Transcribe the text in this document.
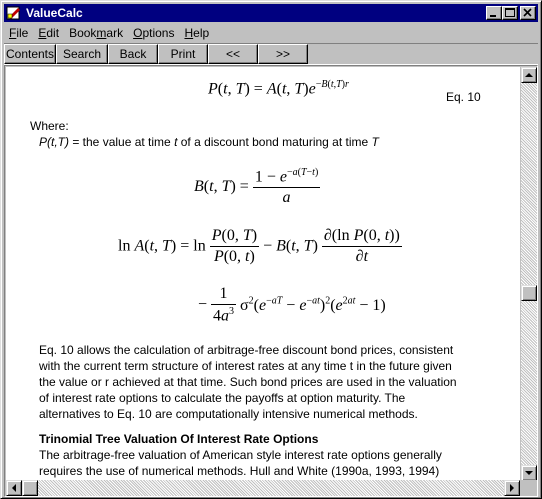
ValueCalc
File Edit Bookmark Options Help
Contents Search Back Print	<<	>>
P(t, T) = A(t, $T)e^{-B(t,T)r}$
Eq. 10
Where:
P(t,T) = the value at time t of a discount bond maturing at time T
B(t, $T) = \frac{1 - e^{-a(T-t)}}{a}$
ln A(t, $T) = \ln \frac{P(0, T)}{P(0, t)} - B(t$, $T) \frac{\text{∂(ln P(0, t))}}{\partial t}$
− $\frac{1}{4a^3} \sigma^2(e^{-aT} - e^{-at})^2(e^{2at} - 1)$
Eq. 10 allows the calculation of arbitrage-free discount bond prices, consistent
with the current term structure of interest rates at any time t in the future given
the value or r achieved at that time. Such bond prices are used in the valuation
of interest rate options to calculate the payoffs at option maturity. The
alternatives to Eq. 10 are computationally intensive numerical methods.
Trinomial Tree Valuation Of Interest Rate Options
The arbitrage-free valuation of American style interest rate options generally
requires the use of numerical methods. Hull and White (1990a, 1993, 1994)
